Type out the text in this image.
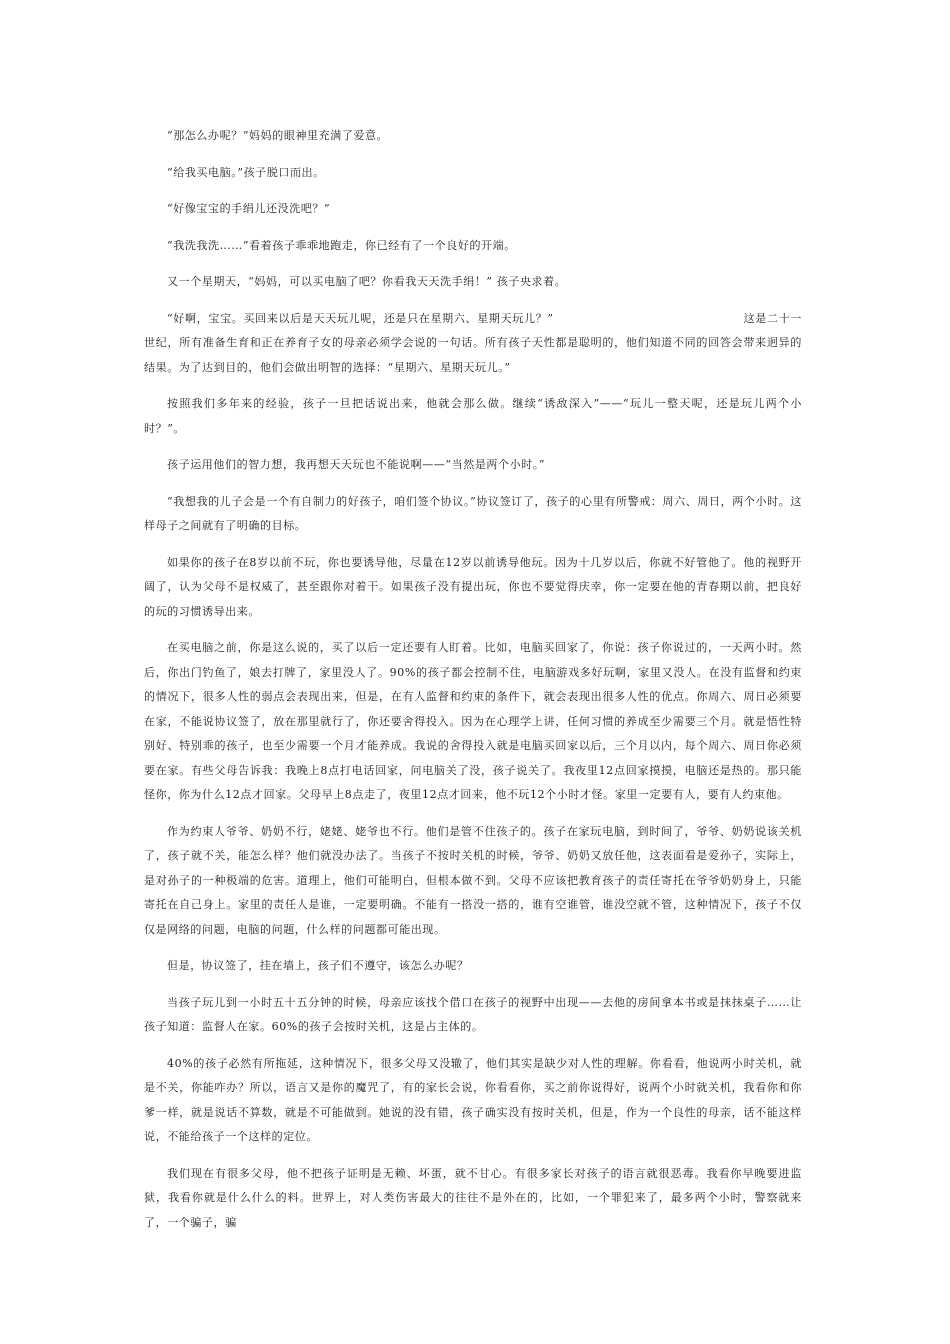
“那怎么办呢？”妈妈的眼神里充满了爱意。

“给我买电脑。”孩子脱口而出。

“好像宝宝的手绢儿还没洗吧？”

“我洗我洗……”看着孩子乖乖地跑走，你已经有了一个良好的开端。

又一个星期天，“妈妈，可以买电脑了吧？你看我天天洗手绢！” 孩子央求着。

“好啊，宝宝。买回来以后是天天玩儿呢，还是只在星期六、星期天玩儿？”	这是二十一世纪，所有准备生育和正在养育子女的母亲必须学会说的一句话。所有孩子天性都是聪明的，他们知道不同的回答会带来迥异的结果。为了达到目的，他们会做出明智的选择：“星期六、星期天玩儿。”

按照我们多年来的经验，孩子一旦把话说出来，他就会那么做。继续“诱敌深入”——“玩儿一整天呢，还是玩儿两个小时？”。

孩子运用他们的智力想，我再想天天玩也不能说啊——“当然是两个小时。”

“我想我的儿子会是一个有自制力的好孩子，咱们签个协议。”协议签订了，孩子的心里有所警戒：周六、周日，两个小时。这样母子之间就有了明确的目标。

如果你的孩子在8岁以前不玩，你也要诱导他，尽量在12岁以前诱导他玩。因为十几岁以后，你就不好管他了。他的视野开阔了，认为父母不是权威了，甚至跟你对着干。如果孩子没有提出玩，你也不要觉得庆幸，你一定要在他的青春期以前，把良好的玩的习惯诱导出来。

在买电脑之前，你是这么说的，买了以后一定还要有人盯着。比如，电脑买回家了，你说：孩子你说过的，一天两小时。然后，你出门钓鱼了，娘去打牌了，家里没人了。90%的孩子都会控制不住，电脑游戏多好玩啊，家里又没人。在没有监督和约束的情况下，很多人性的弱点会表现出来，但是，在有人监督和约束的条件下，就会表现出很多人性的优点。你周六、周日必须要在家，不能说协议签了，放在那里就行了，你还要舍得投入。因为在心理学上讲，任何习惯的养成至少需要三个月。就是悟性特别好、特别乖的孩子，也至少需要一个月才能养成。我说的舍得投入就是电脑买回家以后，三个月以内，每个周六、周日你必须要在家。有些父母告诉我：我晚上8点打电话回家，问电脑关了没，孩子说关了。我夜里12点回家摸摸，电脑还是热的。那只能怪你，你为什么12点才回家。父母早上8点走了，夜里12点才回来，他不玩12个小时才怪。家里一定要有人，要有人约束他。

作为约束人爷爷、奶奶不行，姥姥、姥爷也不行。他们是管不住孩子的。孩子在家玩电脑，到时间了，爷爷、奶奶说该关机了，孩子就不关，能怎么样？他们就没办法了。当孩子不按时关机的时候，爷爷、奶奶又放任他，这表面看是爱孙子，实际上，是对孙子的一种极端的危害。道理上，他们可能明白，但根本做不到。父母不应该把教育孩子的责任寄托在爷爷奶奶身上，只能寄托在自己身上。家里的责任人是谁，一定要明确。不能有一搭没一搭的，谁有空谁管，谁没空就不管，这种情况下，孩子不仅仅是网络的问题，电脑的问题，什么样的问题都可能出现。

但是，协议签了，挂在墙上，孩子们不遵守，该怎么办呢？

当孩子玩儿到一小时五十五分钟的时候，母亲应该找个借口在孩子的视野中出现——去他的房间拿本书或是抹抹桌子……让孩子知道：监督人在家。60%的孩子会按时关机，这是占主体的。

40%的孩子必然有所拖延，这种情况下，很多父母又没辙了，他们其实是缺少对人性的理解。你看看，他说两小时关机，就是不关，你能咋办？所以，语言又是你的魔咒了，有的家长会说，你看看你，买之前你说得好，说两个小时就关机，我看你和你爹一样，就是说话不算数，就是不可能做到。她说的没有错，孩子确实没有按时关机，但是，作为一个良性的母亲，话不能这样说，不能给孩子一个这样的定位。

我们现在有很多父母，他不把孩子证明是无赖、坏蛋，就不甘心。有很多家长对孩子的语言就很恶毒。我看你早晚要进监狱，我看你就是什么什么的料。世界上，对人类伤害最大的往往不是外在的，比如，一个罪犯来了，最多两个小时，警察就来了，一个骗子，骗
